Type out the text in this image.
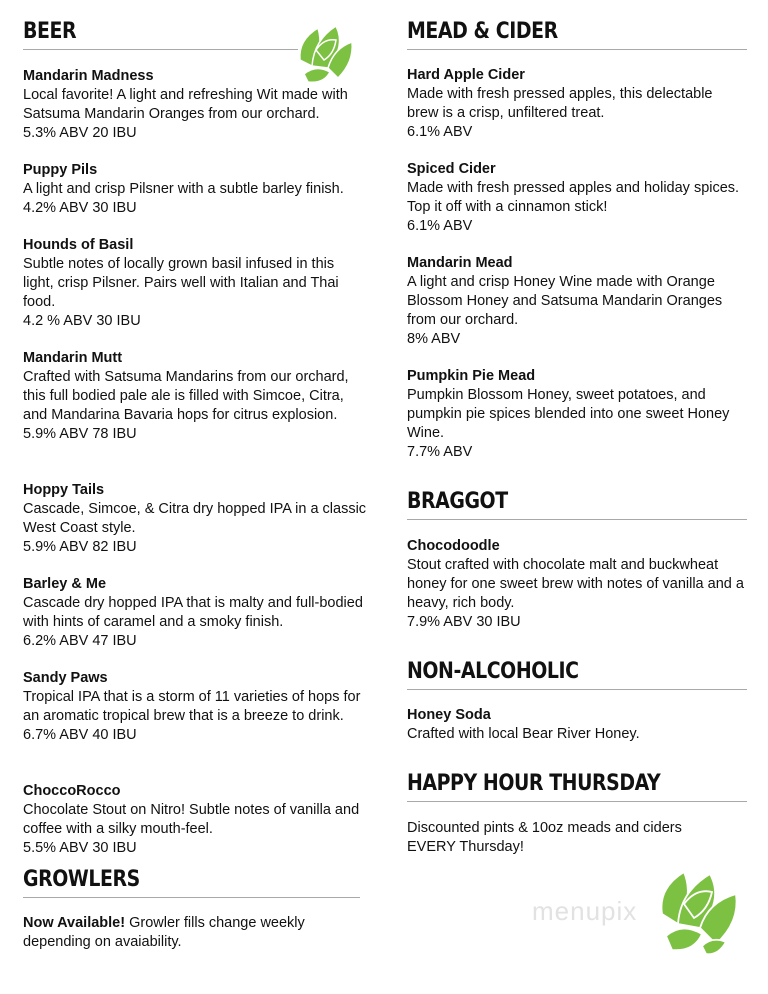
BEER
Mandarin Madness
Local favorite! A light and refreshing Wit made with Satsuma Mandarin Oranges from our orchard.
5.3% ABV 20 IBU
Puppy Pils
A light and crisp Pilsner with a subtle barley finish.
4.2% ABV 30 IBU
Hounds of Basil
Subtle notes of locally grown basil infused in this light, crisp Pilsner. Pairs well with Italian and Thai food.
4.2 % ABV 30 IBU
Mandarin Mutt
Crafted with Satsuma Mandarins from our orchard, this full bodied pale ale is filled with Simcoe, Citra, and Mandarina Bavaria hops for citrus explosion.
5.9% ABV 78 IBU
Hoppy Tails
Cascade, Simcoe, & Citra dry hopped IPA in a classic West Coast style.
5.9% ABV 82 IBU
Barley & Me
Cascade dry hopped IPA that is malty and full-bodied with hints of caramel and a smoky finish.
6.2% ABV 47 IBU
Sandy Paws
Tropical IPA that is a storm of 11 varieties of hops for an aromatic tropical brew that is a breeze to drink.
6.7% ABV 40 IBU
ChoccoRocco
Chocolate Stout on Nitro! Subtle notes of vanilla and coffee with a silky mouth-feel.
5.5% ABV 30 IBU
GROWLERS
Now Available! Growler fills change weekly depending on avaiability.
MEAD & CIDER
Hard Apple Cider
Made with fresh pressed apples, this delectable brew is a crisp, unfiltered treat.
6.1% ABV
Spiced Cider
Made with fresh pressed apples and holiday spices. Top it off with a cinnamon stick!
6.1% ABV
Mandarin Mead
A light and crisp Honey Wine made with Orange Blossom Honey and Satsuma Mandarin Oranges from our orchard.
8% ABV
Pumpkin Pie Mead
Pumpkin Blossom Honey, sweet potatoes, and pumpkin pie spices blended into one sweet Honey Wine.
7.7% ABV
BRAGGOT
Chocodoodle
Stout crafted with chocolate malt and buckwheat honey for one sweet brew with notes of vanilla and a heavy, rich body.
7.9% ABV 30 IBU
NON-ALCOHOLIC
Honey Soda
Crafted with local Bear River Honey.
HAPPY HOUR THURSDAY
Discounted pints & 10oz meads and ciders EVERY Thursday!
menupix
